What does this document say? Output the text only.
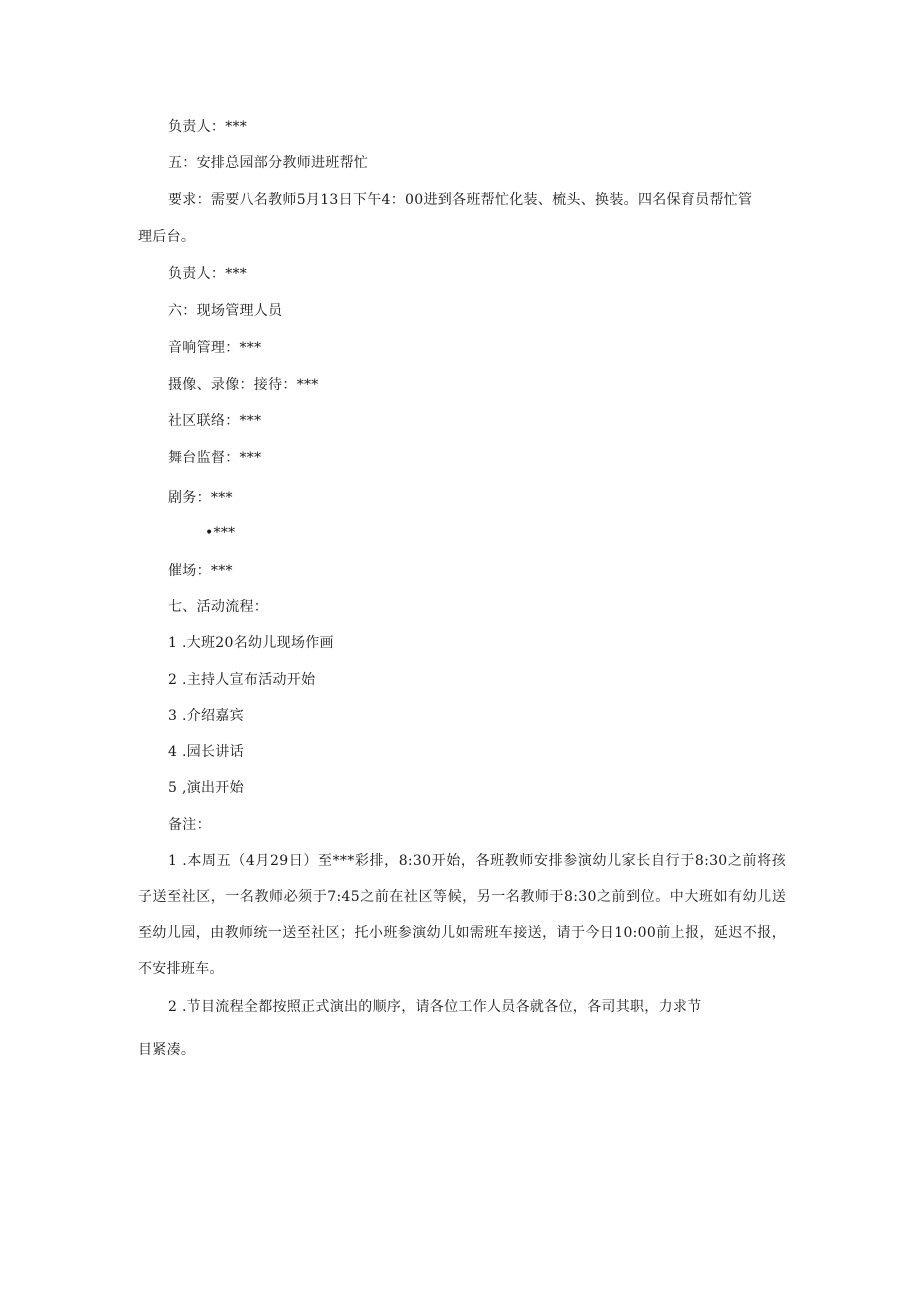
负责人：***
五：安排总园部分教师进班帮忙
要求：需要八名教师5月13日下午4：00进到各班帮忙化装、梳头、换装。四名保育员帮忙管
理后台。
负责人：***
六：现场管理人员
音响管理：***
摄像、录像：接待：***
社区联络：***
舞台监督：***
剧务：***
•***
催场：***
七、活动流程：
1 .大班20名幼儿现场作画
2 .主持人宣布活动开始
3 .介绍嘉宾
4 .园长讲话
5 ,演出开始
备注：
1 .本周五（4月29日）至***彩排，8:30开始，各班教师安排参演幼儿家长自行于8:30之前将孩子送至社区，一名教师必须于7:45之前在社区等候，另一名教师于8:30之前到位。中大班如有幼儿送至幼儿园，由教师统一送至社区；托小班参演幼儿如需班车接送，请于今日10:00前上报，延迟不报，不安排班车。
2 .节目流程全都按照正式演出的顺序，请各位工作人员各就各位，各司其职，力求节
目紧凑。
